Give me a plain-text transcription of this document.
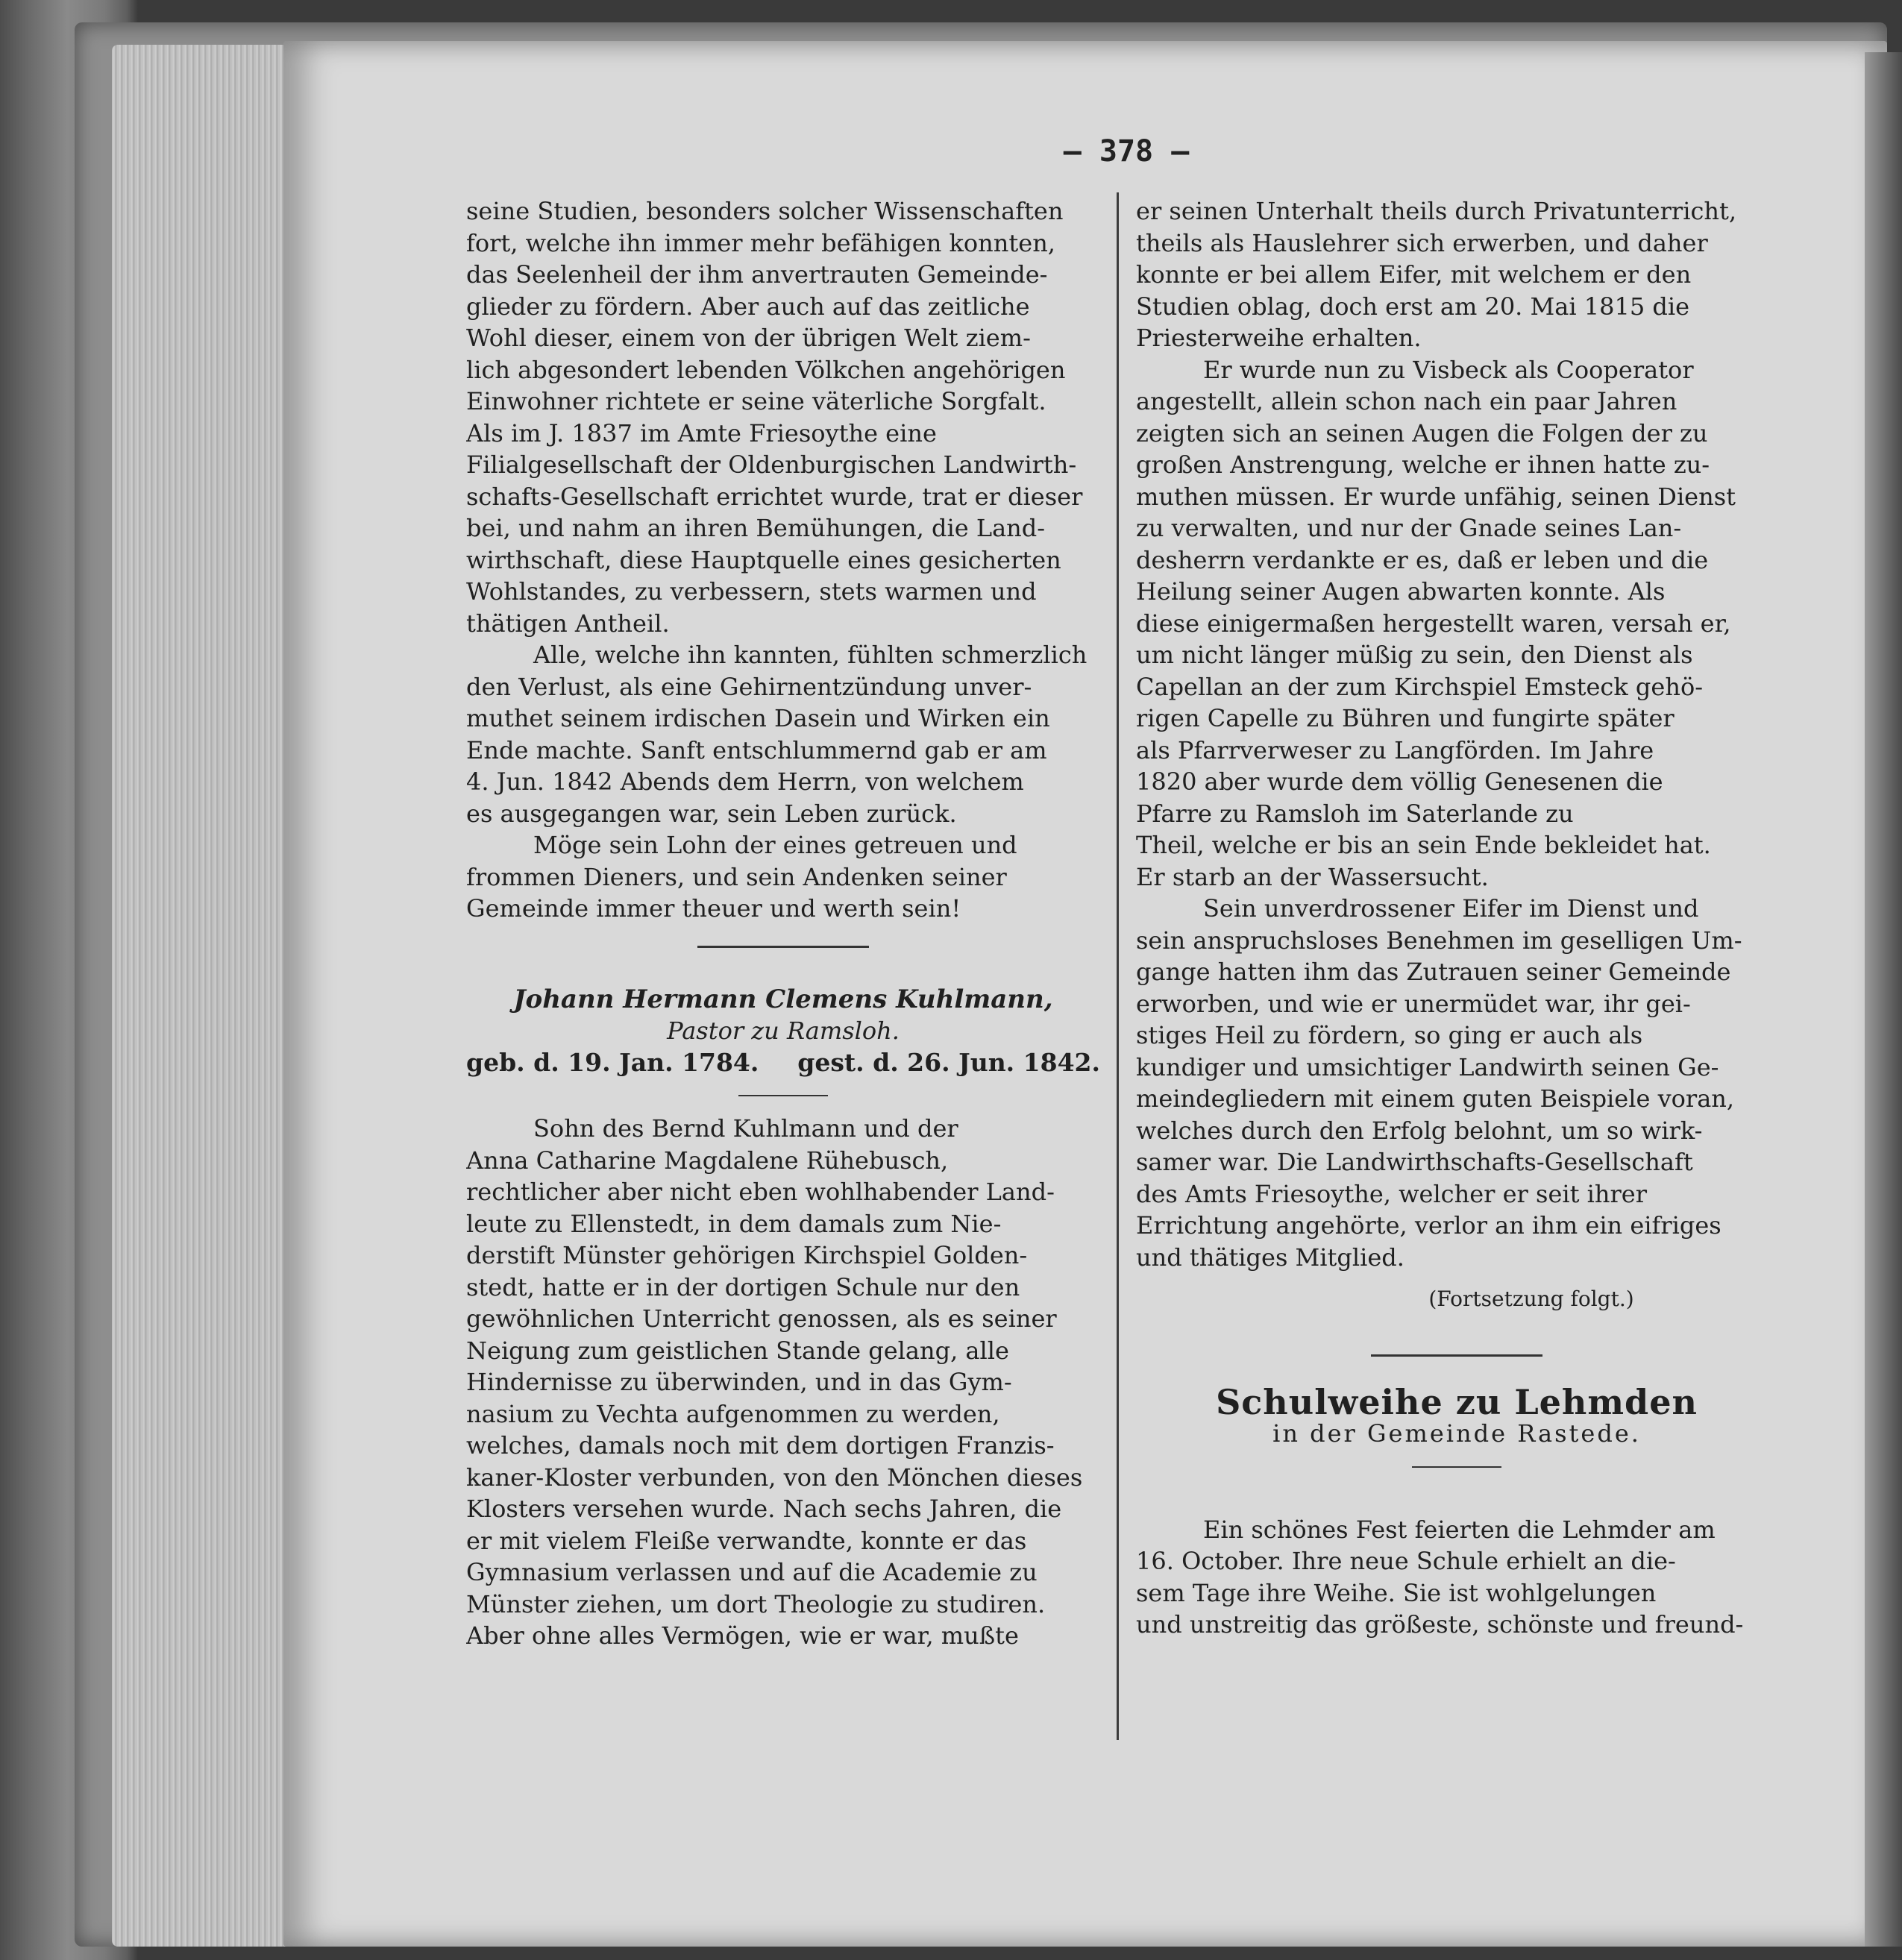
— 378 —
seine Studien, besonders solcher Wissenschaften
fort, welche ihn immer mehr befähigen konnten,
das Seelenheil der ihm anvertrauten Gemeinde-
glieder zu fördern. Aber auch auf das zeitliche
Wohl dieser, einem von der übrigen Welt ziem-
lich abgesondert lebenden Völkchen angehörigen
Einwohner richtete er seine väterliche Sorgfalt.
Als im J. 1837 im Amte Friesoythe eine
Filialgesellschaft der Oldenburgischen Landwirth-
schafts-Gesellschaft errichtet wurde, trat er dieser
bei, und nahm an ihren Bemühungen, die Land-
wirthschaft, diese Hauptquelle eines gesicherten
Wohlstandes, zu verbessern, stets warmen und
thätigen Antheil.
Alle, welche ihn kannten, fühlten schmerzlich
den Verlust, als eine Gehirnentzündung unver-
muthet seinem irdischen Dasein und Wirken ein
Ende machte. Sanft entschlummernd gab er am
4. Jun. 1842 Abends dem Herrn, von welchem
es ausgegangen war, sein Leben zurück.
Möge sein Lohn der eines getreuen und
frommen Dieners, und sein Andenken seiner
Gemeinde immer theuer und werth sein!
Johann Hermann Clemens Kuhlmann,
Pastor zu Ramsloh.
geb. d. 19. Jan. 1784. gest. d. 26. Jun. 1842.
Sohn des Bernd Kuhlmann und der
Anna Catharine Magdalene Rühebusch,
rechtlicher aber nicht eben wohlhabender Land-
leute zu Ellenstedt, in dem damals zum Nie-
derstift Münster gehörigen Kirchspiel Golden-
stedt, hatte er in der dortigen Schule nur den
gewöhnlichen Unterricht genossen, als es seiner
Neigung zum geistlichen Stande gelang, alle
Hindernisse zu überwinden, und in das Gym-
nasium zu Vechta aufgenommen zu werden,
welches, damals noch mit dem dortigen Franzis-
kaner-Kloster verbunden, von den Mönchen dieses
Klosters versehen wurde. Nach sechs Jahren, die
er mit vielem Fleiße verwandte, konnte er das
Gymnasium verlassen und auf die Academie zu
Münster ziehen, um dort Theologie zu studiren.
Aber ohne alles Vermögen, wie er war, mußte
er seinen Unterhalt theils durch Privatunterricht,
theils als Hauslehrer sich erwerben, und daher
konnte er bei allem Eifer, mit welchem er den
Studien oblag, doch erst am 20. Mai 1815 die
Priesterweihe erhalten.
Er wurde nun zu Visbeck als Cooperator
angestellt, allein schon nach ein paar Jahren
zeigten sich an seinen Augen die Folgen der zu
großen Anstrengung, welche er ihnen hatte zu-
muthen müssen. Er wurde unfähig, seinen Dienst
zu verwalten, und nur der Gnade seines Lan-
desherrn verdankte er es, daß er leben und die
Heilung seiner Augen abwarten konnte. Als
diese einigermaßen hergestellt waren, versah er,
um nicht länger müßig zu sein, den Dienst als
Capellan an der zum Kirchspiel Emsteck gehö-
rigen Capelle zu Bühren und fungirte später
als Pfarrverweser zu Langförden. Im Jahre
1820 aber wurde dem völlig Genesenen die
Pfarre zu Ramsloh im Saterlande zu
Theil, welche er bis an sein Ende bekleidet hat.
Er starb an der Wassersucht.
Sein unverdrossener Eifer im Dienst und
sein anspruchsloses Benehmen im geselligen Um-
gange hatten ihm das Zutrauen seiner Gemeinde
erworben, und wie er unermüdet war, ihr gei-
stiges Heil zu fördern, so ging er auch als
kundiger und umsichtiger Landwirth seinen Ge-
meindegliedern mit einem guten Beispiele voran,
welches durch den Erfolg belohnt, um so wirk-
samer war. Die Landwirthschafts-Gesellschaft
des Amts Friesoythe, welcher er seit ihrer
Errichtung angehörte, verlor an ihm ein eifriges
und thätiges Mitglied.
(Fortsetzung folgt.)
Schulweihe zu Lehmden
in der Gemeinde Rastede.
Ein schönes Fest feierten die Lehmder am
16. October. Ihre neue Schule erhielt an die-
sem Tage ihre Weihe. Sie ist wohlgelungen
und unstreitig das größeste, schönste und freund-
